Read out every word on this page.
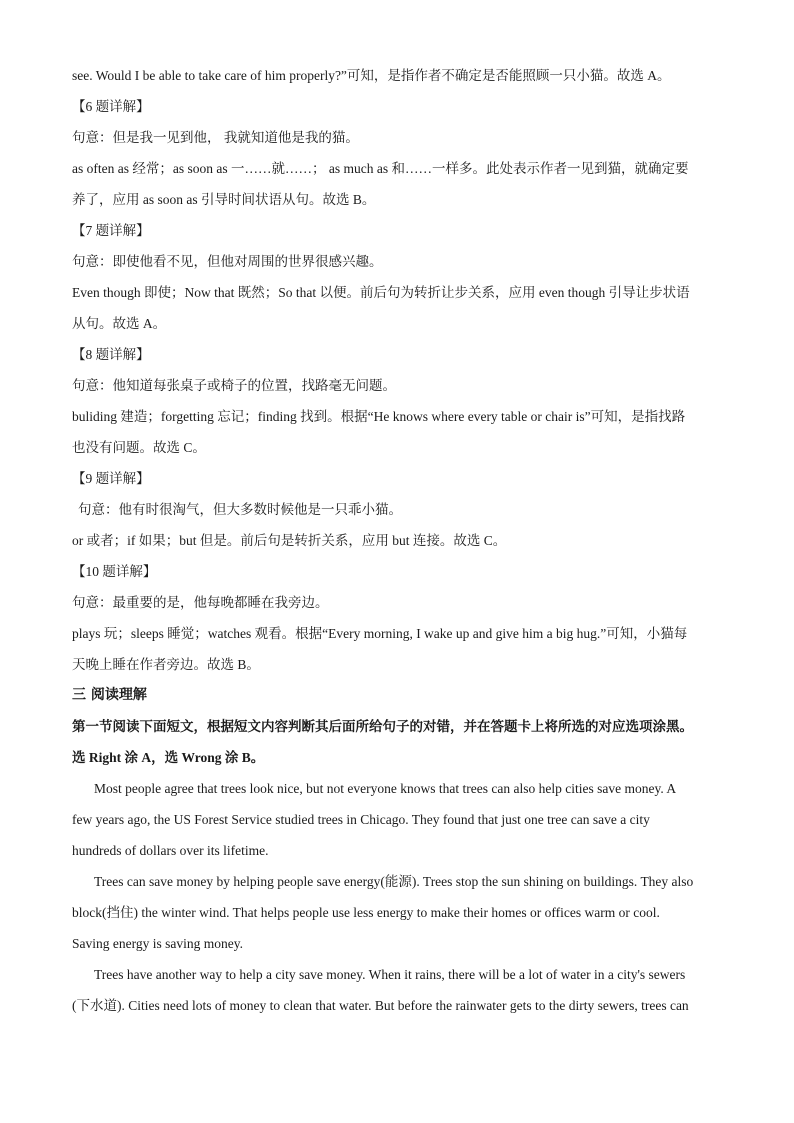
see. Would I be able to take care of him properly?”可知，是指作者不确定是否能照顾一只小猫。故选 A。
【6 题详解】
句意：但是我一见到他， 我就知道他是我的猫。
as often as 经常；as soon as 一……就……； as much as 和……一样多。此处表示作者一见到猫，就确定要
养了，应用 as soon as 引导时间状语从句。故选 B。
【7 题详解】
句意：即使他看不见，但他对周围的世界很感兴趣。
Even though 即使；Now that 既然；So that 以便。前后句为转折让步关系，应用 even though 引导让步状语
从句。故选 A。
【8 题详解】
句意：他知道每张桌子或椅子的位置，找路毫无问题。
buliding 建造；forgetting 忘记；finding 找到。根据“He knows where every table or chair is”可知，是指找路
也没有问题。故选 C。
【9 题详解】
句意：他有时很淘气，但大多数时候他是一只乖小猫。
or 或者；if 如果；but 但是。前后句是转折关系，应用 but 连接。故选 C。
【10 题详解】
句意：最重要的是，他每晚都睡在我旁边。
plays 玩；sleeps 睡觉；watches 观看。根据“Every morning, I wake up and give him a big hug.”可知，小猫每
天晚上睡在作者旁边。故选 B。
三 阅读理解
第一节阅读下面短文，根据短文内容判断其后面所给句子的对错，并在答题卡上将所选的对应选项涂黑。
选 Right 涂 A，选 Wrong 涂 B。
Most people agree that trees look nice, but not everyone knows that trees can also help cities save money. A
few years ago, the US Forest Service studied trees in Chicago. They found that just one tree can save a city
hundreds of dollars over its lifetime.
Trees can save money by helping people save energy(能源). Trees stop the sun shining on buildings. They also
block(挡住) the winter wind. That helps people use less energy to make their homes or offices warm or cool.
Saving energy is saving money.
Trees have another way to help a city save money. When it rains, there will be a lot of water in a city's sewers
(下水道). Cities need lots of money to clean that water. But before the rainwater gets to the dirty sewers, trees can
